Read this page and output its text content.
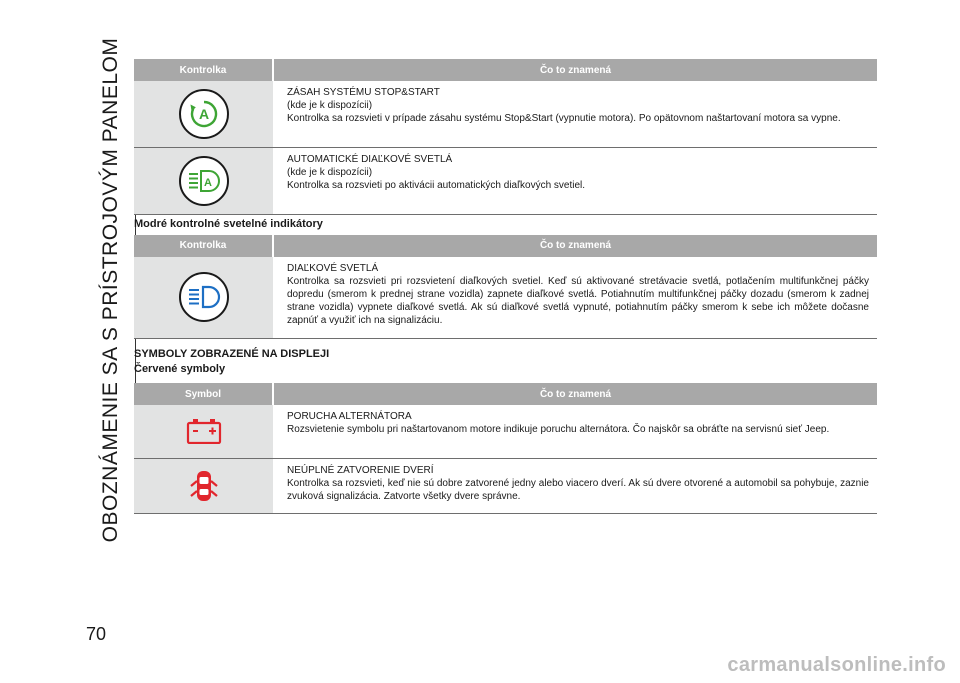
OBOZNÁMENIE SA S PRÍSTROJOVÝM PANELOM	Kontrolka	Čo to znamená

A	ZÁSAH SYSTÉMU STOP&START
(kde je k dispozícii)
Kontrolka sa rozsvieti v prípade zásahu systému Stop&Start (vypnutie motora). Po opätovnom naštartovaní motora sa vypne.

A	AUTOMATICKÉ DIAĽKOVÉ SVETLÁ
(kde je k dispozícii)
Kontrolka sa rozsvieti po aktivácii automatických diaľkových svetiel.
Modré kontrolné svetelné indikátory
Kontrolka	Čo to znamená

DIAĽKOVÉ SVETLÁ
Kontrolka sa rozsvieti pri rozsvietení diaľkových svetiel. Keď sú aktivované stretávacie svetlá, potlačením multifunkčnej páčky dopredu (smerom k prednej strane vozidla) zapnete diaľkové svetlá. Potiahnutím multifunkčnej páčky dozadu (smerom k zadnej strane vozidla) vypnete diaľkové svetlá. Ak sú diaľkové svetlá vypnuté, potiahnutím páčky smerom k sebe ich môžete dočasne zapnúť a využiť ich na signalizáciu.
SYMBOLY ZOBRAZENÉ NA DISPLEJI
Červené symboly
Symbol	Čo to znamená

PORUCHA ALTERNÁTORA
Rozsvietenie symbolu pri naštartovanom motore indikuje poruchu alternátora. Čo najskôr sa obráťte na servisnú sieť Jeep.

NEÚPLNÉ ZATVORENIE DVERÍ
Kontrolka sa rozsvieti, keď nie sú dobre zatvorené jedny alebo viacero dverí. Ak sú dvere otvorené a automobil sa pohybuje, zaznie zvuková signalizácia. Zatvorte všetky dvere správne.
70
carmanualsonline.info
